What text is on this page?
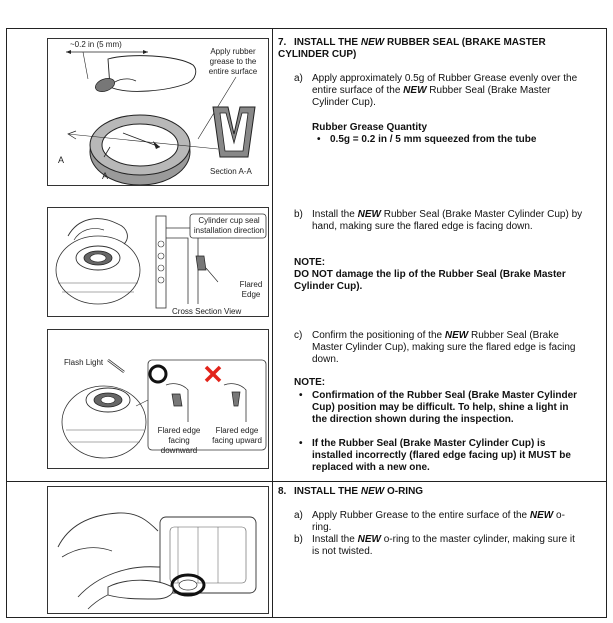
~0.2 in (5 mm)
Apply rubber grease to the entire surface
Section A-A
A
A
Cylinder cup seal installation direction
Flared Edge
Cross Section View
Flash Light
Flared edge facing downward
Flared edge facing upward
7. INSTALL THE NEW RUBBER SEAL (BRAKE MASTER CYLINDER CUP)
a) Apply approximately 0.5g of Rubber Grease evenly over the entire surface of the NEW Rubber Seal (Brake Master Cylinder Cup).
Rubber Grease Quantity
• 0.5g = 0.2 in / 5 mm squeezed from the tube
b) Install the NEW Rubber Seal (Brake Master Cylinder Cup) by hand, making sure the flared edge is facing down.
NOTE:
DO NOT damage the lip of the Rubber Seal (Brake Master Cylinder Cup).
c) Confirm the positioning of the NEW Rubber Seal (Brake Master Cylinder Cup), making sure the flared edge is facing down.
NOTE:
• Confirmation of the Rubber Seal (Brake Master Cylinder Cup) position may be difficult. To help, shine a light in the direction shown during the inspection.
• If the Rubber Seal (Brake Master Cylinder Cup) is installed incorrectly (flared edge facing up) it MUST be replaced with a new one.
8. INSTALL THE NEW O-RING
a) Apply Rubber Grease to the entire surface of the NEW o-ring.
b) Install the NEW o-ring to the master cylinder, making sure it is not twisted.
